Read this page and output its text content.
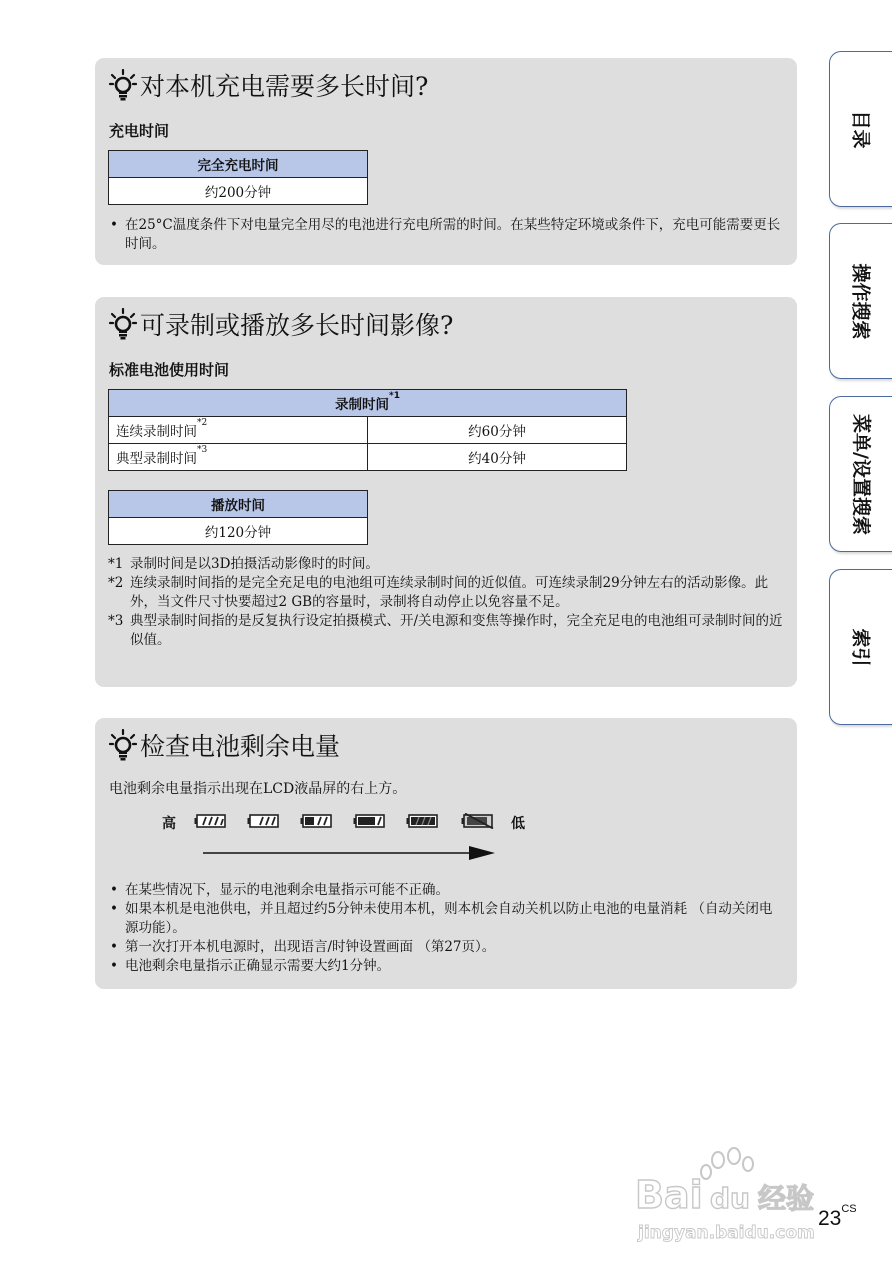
对本机充电需要多长时间?
充电时间
完全充电时间
约200分钟
• 在25°C温度条件下对电量完全用尽的电池进行充电所需的时间。在某些特定环境或条件下，充电可能需要更长时间。
可录制或播放多长时间影像?
标准电池使用时间
录制时间$^{*1}$
连续录制时间$^{*2}$	约60分钟
典型录制时间$^{*3}$	约40分钟
播放时间
约120分钟
*1 录制时间是以3D拍摄活动影像时的时间。
*2 连续录制时间指的是完全充足电的电池组可连续录制时间的近似值。可连续录制29分钟左右的活动影像。此外，当文件尺寸快要超过2 GB的容量时，录制将自动停止以免容量不足。
*3 典型录制时间指的是反复执行设定拍摄模式、开/关电源和变焦等操作时，完全充足电的电池组可录制时间的近似值。
检查电池剩余电量
电池剩余电量指示出现在LCD液晶屏的右上方。
高	低
• 在某些情况下，显示的电池剩余电量指示可能不正确。
• 如果本机是电池供电，并且超过约5分钟未使用本机，则本机会自动关机以防止电池的电量消耗 （自动关闭电源功能）。
• 第一次打开本机电源时，出现语言/时钟设置画面 （第27页）。
• 电池剩余电量指示正确显示需要大约1分钟。
目录
操作搜索
菜单/设置搜索
索引
Bai du 经验
jingyan.baidu.com
$23^{CS}$
